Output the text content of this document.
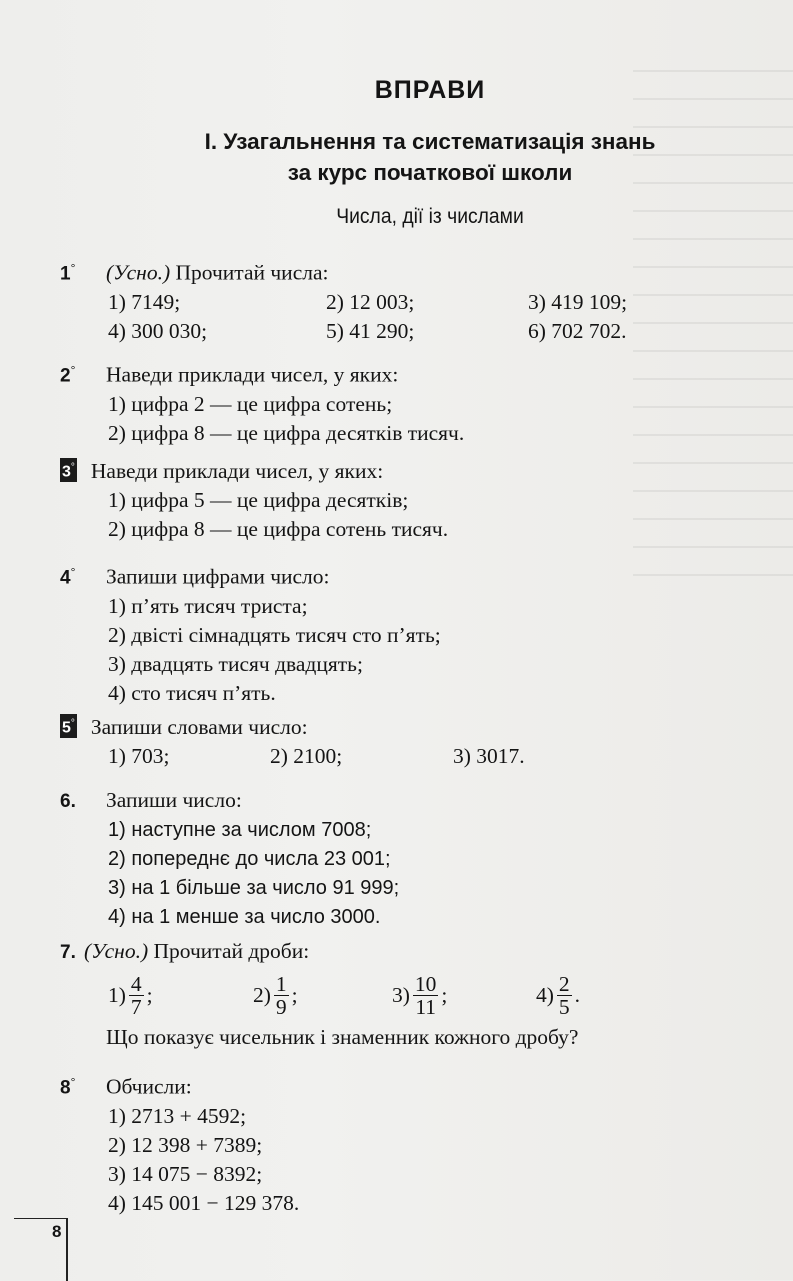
ВПРАВИ
І. Узагальнення та систематизація знань
за курс початкової школи
Числа, дії із числами
1° (Усно.) Прочитай числа:
1) 7149;	2) 12 003;	3) 419 109;
4) 300 030;	5) 41 290;	6) 702 702.
2° Наведи приклади чисел, у яких:
1) цифра 2 — це цифра сотень;
2) цифра 8 — це цифра десятків тисяч.
3° Наведи приклади чисел, у яких:
1) цифра 5 — це цифра десятків;
2) цифра 8 — це цифра сотень тисяч.
4° Запиши цифрами число:
1) п’ять тисяч триста;
2) двісті сімнадцять тисяч сто п’ять;
3) двадцять тисяч двадцять;
4) сто тисяч п’ять.
5° Запиши словами число:
1) 703;	2) 2100;	3) 3017.
6. Запиши число:
1) наступне за числом 7008;
2) попереднє до числа 23 001;
3) на 1 більше за число 91 999;
4) на 1 менше за число 3000.
7. (Усно.) Прочитай дроби:
$1) \frac{4}{7}$ ;	$2) \frac{1}{9}$ ;	$3) \frac{10}{11}$ ;	$4) \frac{2}{5}$ .
Що показує чисельник і знаменник кожного дробу?
8° Обчисли:
1) 2713 + 4592;
2) 12 398 + 7389;
3) 14 075 − 8392;
4) 145 001 − 129 378.
8
